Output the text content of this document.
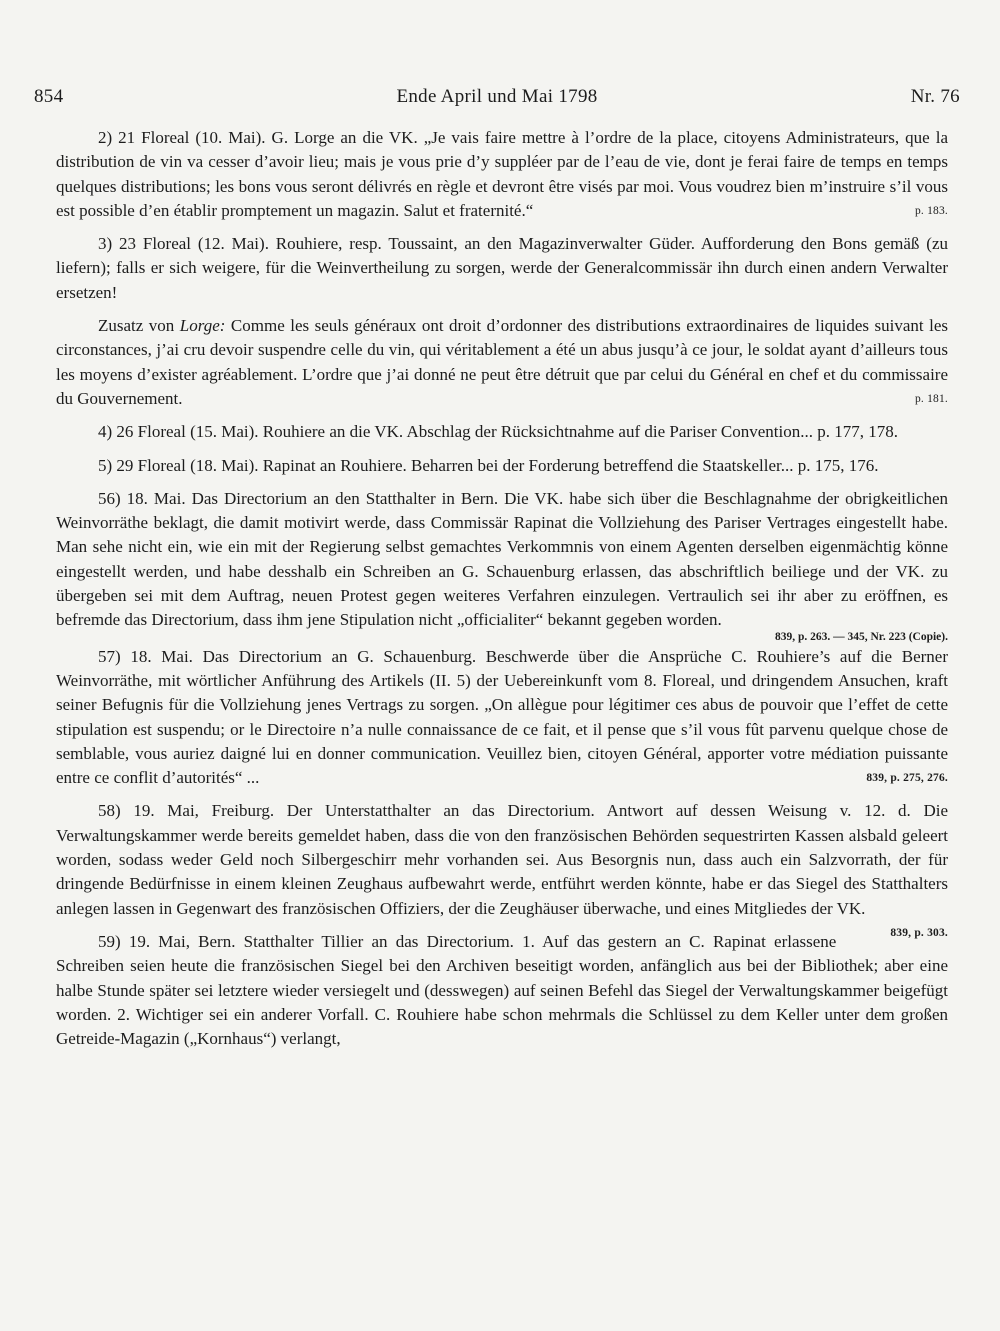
854	Ende April und Mai 1798	Nr. 76

2) 21 Floreal (10. Mai). G. Lorge an die VK. „Je vais faire mettre à l’ordre de la place, citoyens Administrateurs, que la distribution de vin va cesser d’avoir lieu; mais je vous prie d’y suppléer par de l’eau de vie, dont je ferai faire de temps en temps quelques distributions; les bons vous seront délivrés en règle et devront être visés par moi. Vous voudrez bien m’instruire s’il vous est possible d’en établir promptement un magazin. Salut et fraternité.“	p. 183.

3) 23 Floreal (12. Mai). Rouhiere, resp. Toussaint, an den Magazinverwalter Güder. Aufforderung den Bons gemäß (zu liefern); falls er sich weigere, für die Weinvertheilung zu sorgen, werde der Generalcommissär ihn durch einen andern Verwalter ersetzen!

Zusatz von Lorge: Comme les seuls généraux ont droit d’ordonner des distributions extraordinaires de liquides suivant les circonstances, j’ai cru devoir suspendre celle du vin, qui véritablement a été un abus jusqu’à ce jour, le soldat ayant d’ailleurs tous les moyens d’exister agréablement. L’ordre que j’ai donné ne peut être détruit que par celui du Général en chef et du commissaire du Gouvernement.	p. 181.

4) 26 Floreal (15. Mai). Rouhiere an die VK. Abschlag der Rücksichtnahme auf die Pariser Convention... p. 177, 178.

5) 29 Floreal (18. Mai). Rapinat an Rouhiere. Beharren bei der Forderung betreffend die Staatskeller... p. 175, 176.

56) 18. Mai. Das Directorium an den Statthalter in Bern. Die VK. habe sich über die Beschlagnahme der obrigkeitlichen Weinvorräthe beklagt, die damit motivirt werde, dass Commissär Rapinat die Vollziehung des Pariser Vertrages eingestellt habe. Man sehe nicht ein, wie ein mit der Regierung selbst gemachtes Verkommnis von einem Agenten derselben eigenmächtig könne eingestellt werden, und habe desshalb ein Schreiben an G. Schauenburg erlassen, das abschriftlich beiliege und der VK. zu übergeben sei mit dem Auftrag, neuen Protest gegen weiteres Verfahren einzulegen. Vertraulich sei ihr aber zu eröffnen, es befremde das Directorium, dass ihm jene Stipulation nicht „officialiter“ bekannt gegeben worden.

839, p. 263. — 345, Nr. 223 (Copie).

57) 18. Mai. Das Directorium an G. Schauenburg. Beschwerde über die Ansprüche C. Rouhiere’s auf die Berner Weinvorräthe, mit wörtlicher Anführung des Artikels (II. 5) der Uebereinkunft vom 8. Floreal, und dringendem Ansuchen, kraft seiner Befugnis für die Vollziehung jenes Vertrags zu sorgen. „On allègue pour légitimer ces abus de pouvoir que l’effet de cette stipulation est suspendu; or le Directoire n’a nulle connaissance de ce fait, et il pense que s’il vous fût parvenu quelque chose de semblable, vous auriez daigné lui en donner communication. Veuillez bien, citoyen Général, apporter votre médiation puissante entre ce conflit d’autorités“ ...	839, p. 275, 276.

58) 19. Mai, Freiburg. Der Unterstatthalter an das Directorium. Antwort auf dessen Weisung v. 12. d. Die Verwaltungskammer werde bereits gemeldet haben, dass die von den französischen Behörden sequestrirten Kassen alsbald geleert worden, sodass weder Geld noch Silbergeschirr mehr vorhanden sei. Aus Besorgnis nun, dass auch ein Salzvorrath, der für dringende Bedürfnisse in einem kleinen Zeughaus aufbewahrt werde, entführt werden könnte, habe er das Siegel des Statthalters anlegen lassen in Gegenwart des französischen Offiziers, der die Zeughäuser überwache, und eines Mitgliedes der VK.
839, p. 303.

59) 19. Mai, Bern. Statthalter Tillier an das Directorium. 1. Auf das gestern an C. Rapinat erlassene Schreiben seien heute die französischen Siegel bei den Archiven beseitigt worden, anfänglich aus bei der Bibliothek; aber eine halbe Stunde später sei letztere wieder versiegelt und (desswegen) auf seinen Befehl das Siegel der Verwaltungskammer beigefügt worden. 2. Wichtiger sei ein anderer Vorfall. C. Rouhiere habe schon mehrmals die Schlüssel zu dem Keller unter dem großen Getreide-Magazin („Kornhaus“) verlangt,
